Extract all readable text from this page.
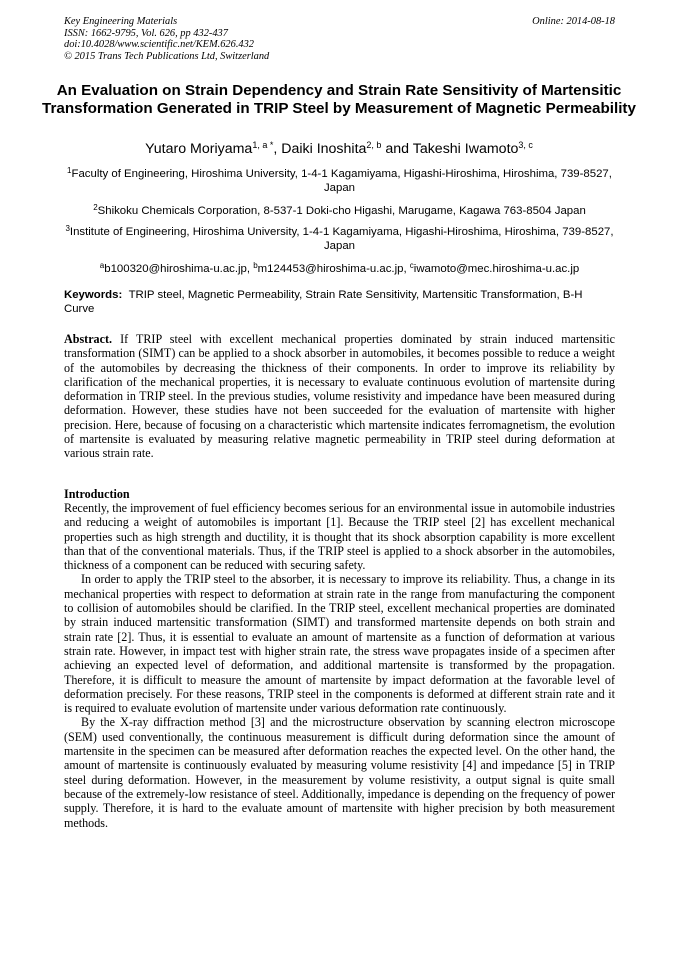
Key Engineering Materials
ISSN: 1662-9795, Vol. 626, pp 432-437
doi:10.4028/www.scientific.net/KEM.626.432
© 2015 Trans Tech Publications Ltd, Switzerland
Online: 2014-08-18
An Evaluation on Strain Dependency and Strain Rate Sensitivity of Martensitic Transformation Generated in TRIP Steel by Measurement of Magnetic Permeability
Yutaro Moriyama$^{1, a *}$, Daiki Inoshita$^{2, b}$ and Takeshi Iwamoto$^{3, c}$
$^1$Faculty of Engineering, Hiroshima University, 1-4-1 Kagamiyama, Higashi-Hiroshima, Hiroshima, 739-8527, Japan
$^2$Shikoku Chemicals Corporation, 8-537-1 Doki-cho Higashi, Marugame, Kagawa 763-8504 Japan
$^3$Institute of Engineering, Hiroshima University, 1-4-1 Kagamiyama, Higashi-Hiroshima, Hiroshima, 739-8527, Japan
$^a$b100320@hiroshima-u.ac.jp, $^b$m124453@hiroshima-u.ac.jp, $^c$iwamoto@mec.hiroshima-u.ac.jp
Keywords: TRIP steel, Magnetic Permeability, Strain Rate Sensitivity, Martensitic Transformation, B-H Curve

Abstract. If TRIP steel with excellent mechanical properties dominated by strain induced martensitic transformation (SIMT) can be applied to a shock absorber in automobiles, it becomes possible to reduce a weight of the automobiles by decreasing the thickness of their components. In order to improve its reliability by clarification of the mechanical properties, it is necessary to evaluate continuous evolution of martensite during deformation in TRIP steel. In the previous studies, volume resistivity and impedance have been measured during deformation. However, these studies have not been succeeded for the evaluation of martensite with higher precision. Here, because of focusing on a characteristic which martensite indicates ferromagnetism, the evolution of martensite is evaluated by measuring relative magnetic permeability in TRIP steel during deformation at various strain rate.

Introduction

Recently, the improvement of fuel efficiency becomes serious for an environmental issue in automobile industries and reducing a weight of automobiles is important [1]. Because the TRIP steel [2] has excellent mechanical properties such as high strength and ductility, it is thought that its shock absorption capability is more excellent than that of the conventional materials. Thus, if the TRIP steel is applied to a shock absorber in the automobiles, thickness of a component can be reduced with securing safety.

In order to apply the TRIP steel to the absorber, it is necessary to improve its reliability. Thus, a change in its mechanical properties with respect to deformation at strain rate in the range from manufacturing the component to collision of automobiles should be clarified. In the TRIP steel, excellent mechanical properties are dominated by strain induced martensitic transformation (SIMT) and transformed martensite depends on both strain and strain rate [2]. Thus, it is essential to evaluate an amount of martensite as a function of deformation at various strain rate. However, in impact test with higher strain rate, the stress wave propagates inside of a specimen after achieving an expected level of deformation, and additional martensite is transformed by the propagation. Therefore, it is difficult to measure the amount of martensite by impact deformation at the favorable level of deformation precisely. For these reasons, TRIP steel in the components is deformed at different strain rate and it is required to evaluate evolution of martensite under various deformation rate continuously.

By the X-ray diffraction method [3] and the microstructure observation by scanning electron microscope (SEM) used conventionally, the continuous measurement is difficult during deformation since the amount of martensite in the specimen can be measured after deformation reaches the expected level. On the other hand, the amount of martensite is continuously evaluated by measuring volume resistivity [4] and impedance [5] in TRIP steel during deformation. However, in the measurement by volume resistivity, a output signal is quite small because of the extremely-low resistance of steel. Additionally, impedance is depending on the frequency of power supply. Therefore, it is hard to the evaluate amount of martensite with higher precision by both measurement methods.
